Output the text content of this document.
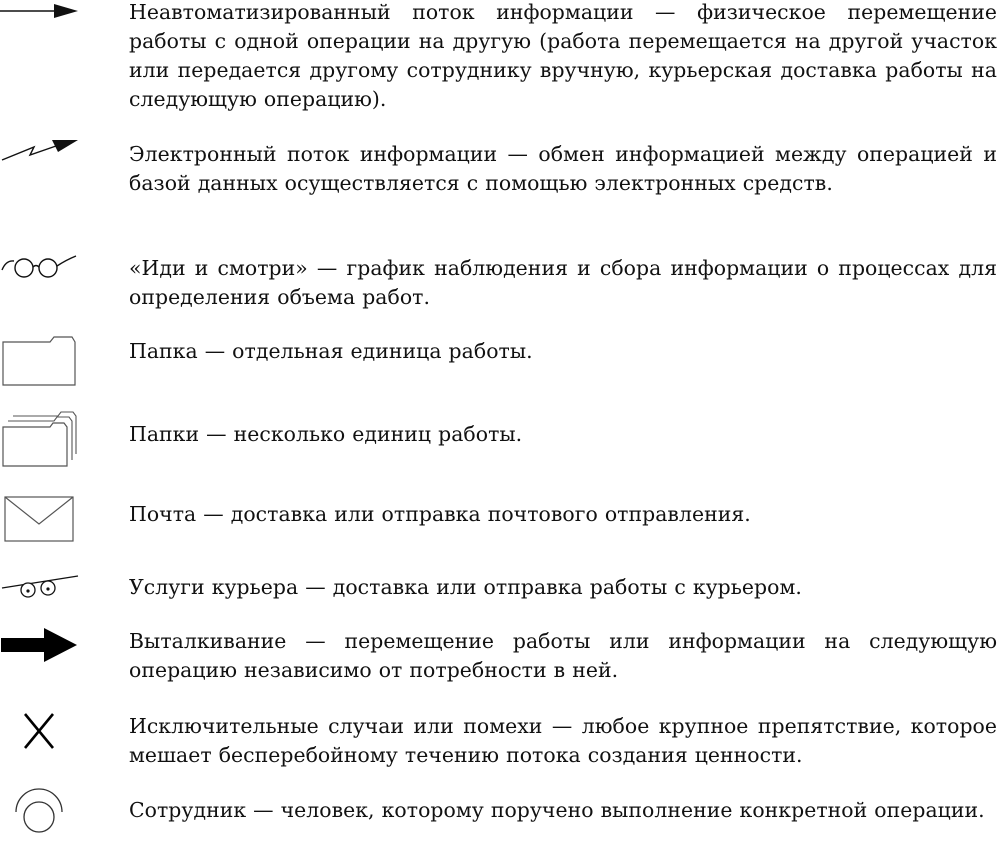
Неавтоматизированный поток информации — физическое перемещение работы с одной операции на другую (работа перемещается на другой участок или передается другому сотруднику вручную, курьерская доставка работы на следующую операцию).

Электронный поток информации — обмен информацией между операцией и базой данных осуществляется с помощью электронных средств.

«Иди и смотри» — график наблюдения и сбора информации о процессах для определения объема работ.

Папка — отдельная единица работы.

Папки — несколько единиц работы.

Почта — доставка или отправка почтового отправления.

Услуги курьера — доставка или отправка работы с курьером.

Выталкивание — перемещение работы или информации на следующую операцию независимо от потребности в ней.

Исключительные случаи или помехи — любое крупное препятствие, которое мешает бесперебойному течению потока создания ценности.

Сотрудник — человек, которому поручено выполнение конкретной операции.
